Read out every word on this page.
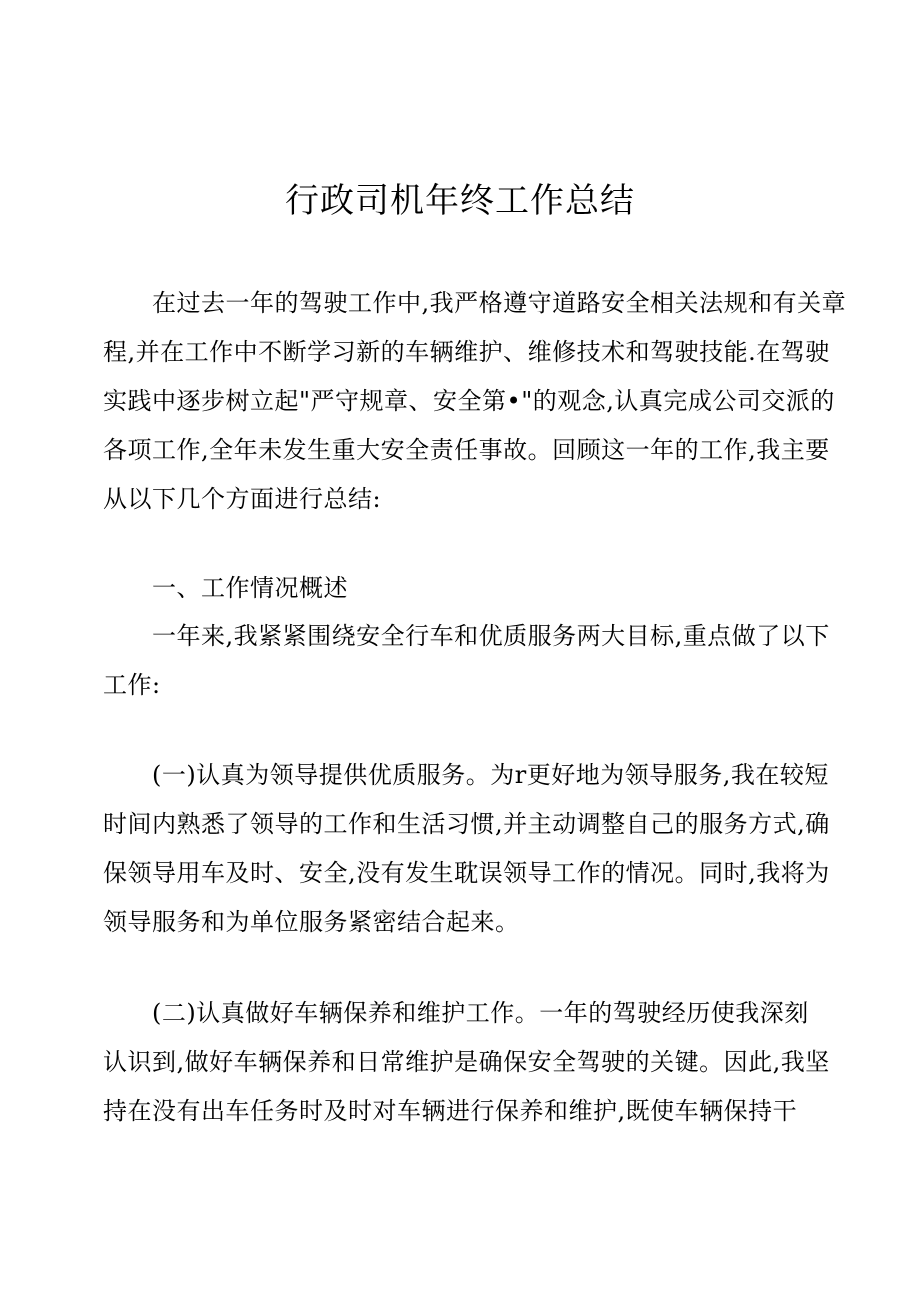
行政司机年终工作总结
在过去一年的驾驶工作中,我严格遵守道路安全相关法规和有关章
程,并在工作中不断学习新的车辆维护、维修技术和驾驶技能.在驾驶
实践中逐步树立起"严守规章、安全第•"的观念,认真完成公司交派的
各项工作,全年未发生重大安全责任事故。回顾这一年的工作,我主要
从以下几个方面进行总结:
一、工作情况概述
一年来,我紧紧围绕安全行车和优质服务两大目标,重点做了以下
工作:
(一)认真为领导提供优质服务。为r更好地为领导服务,我在较短
时间内熟悉了领导的工作和生活习惯,并主动调整自己的服务方式,确
保领导用车及时、安全,没有发生耽误领导工作的情况。同时,我将为
领导服务和为单位服务紧密结合起来。
(二)认真做好车辆保养和维护工作。一年的驾驶经历使我深刻
认识到,做好车辆保养和日常维护是确保安全驾驶的关键。因此,我坚
持在没有出车任务时及时对车辆进行保养和维护,既使车辆保持干
